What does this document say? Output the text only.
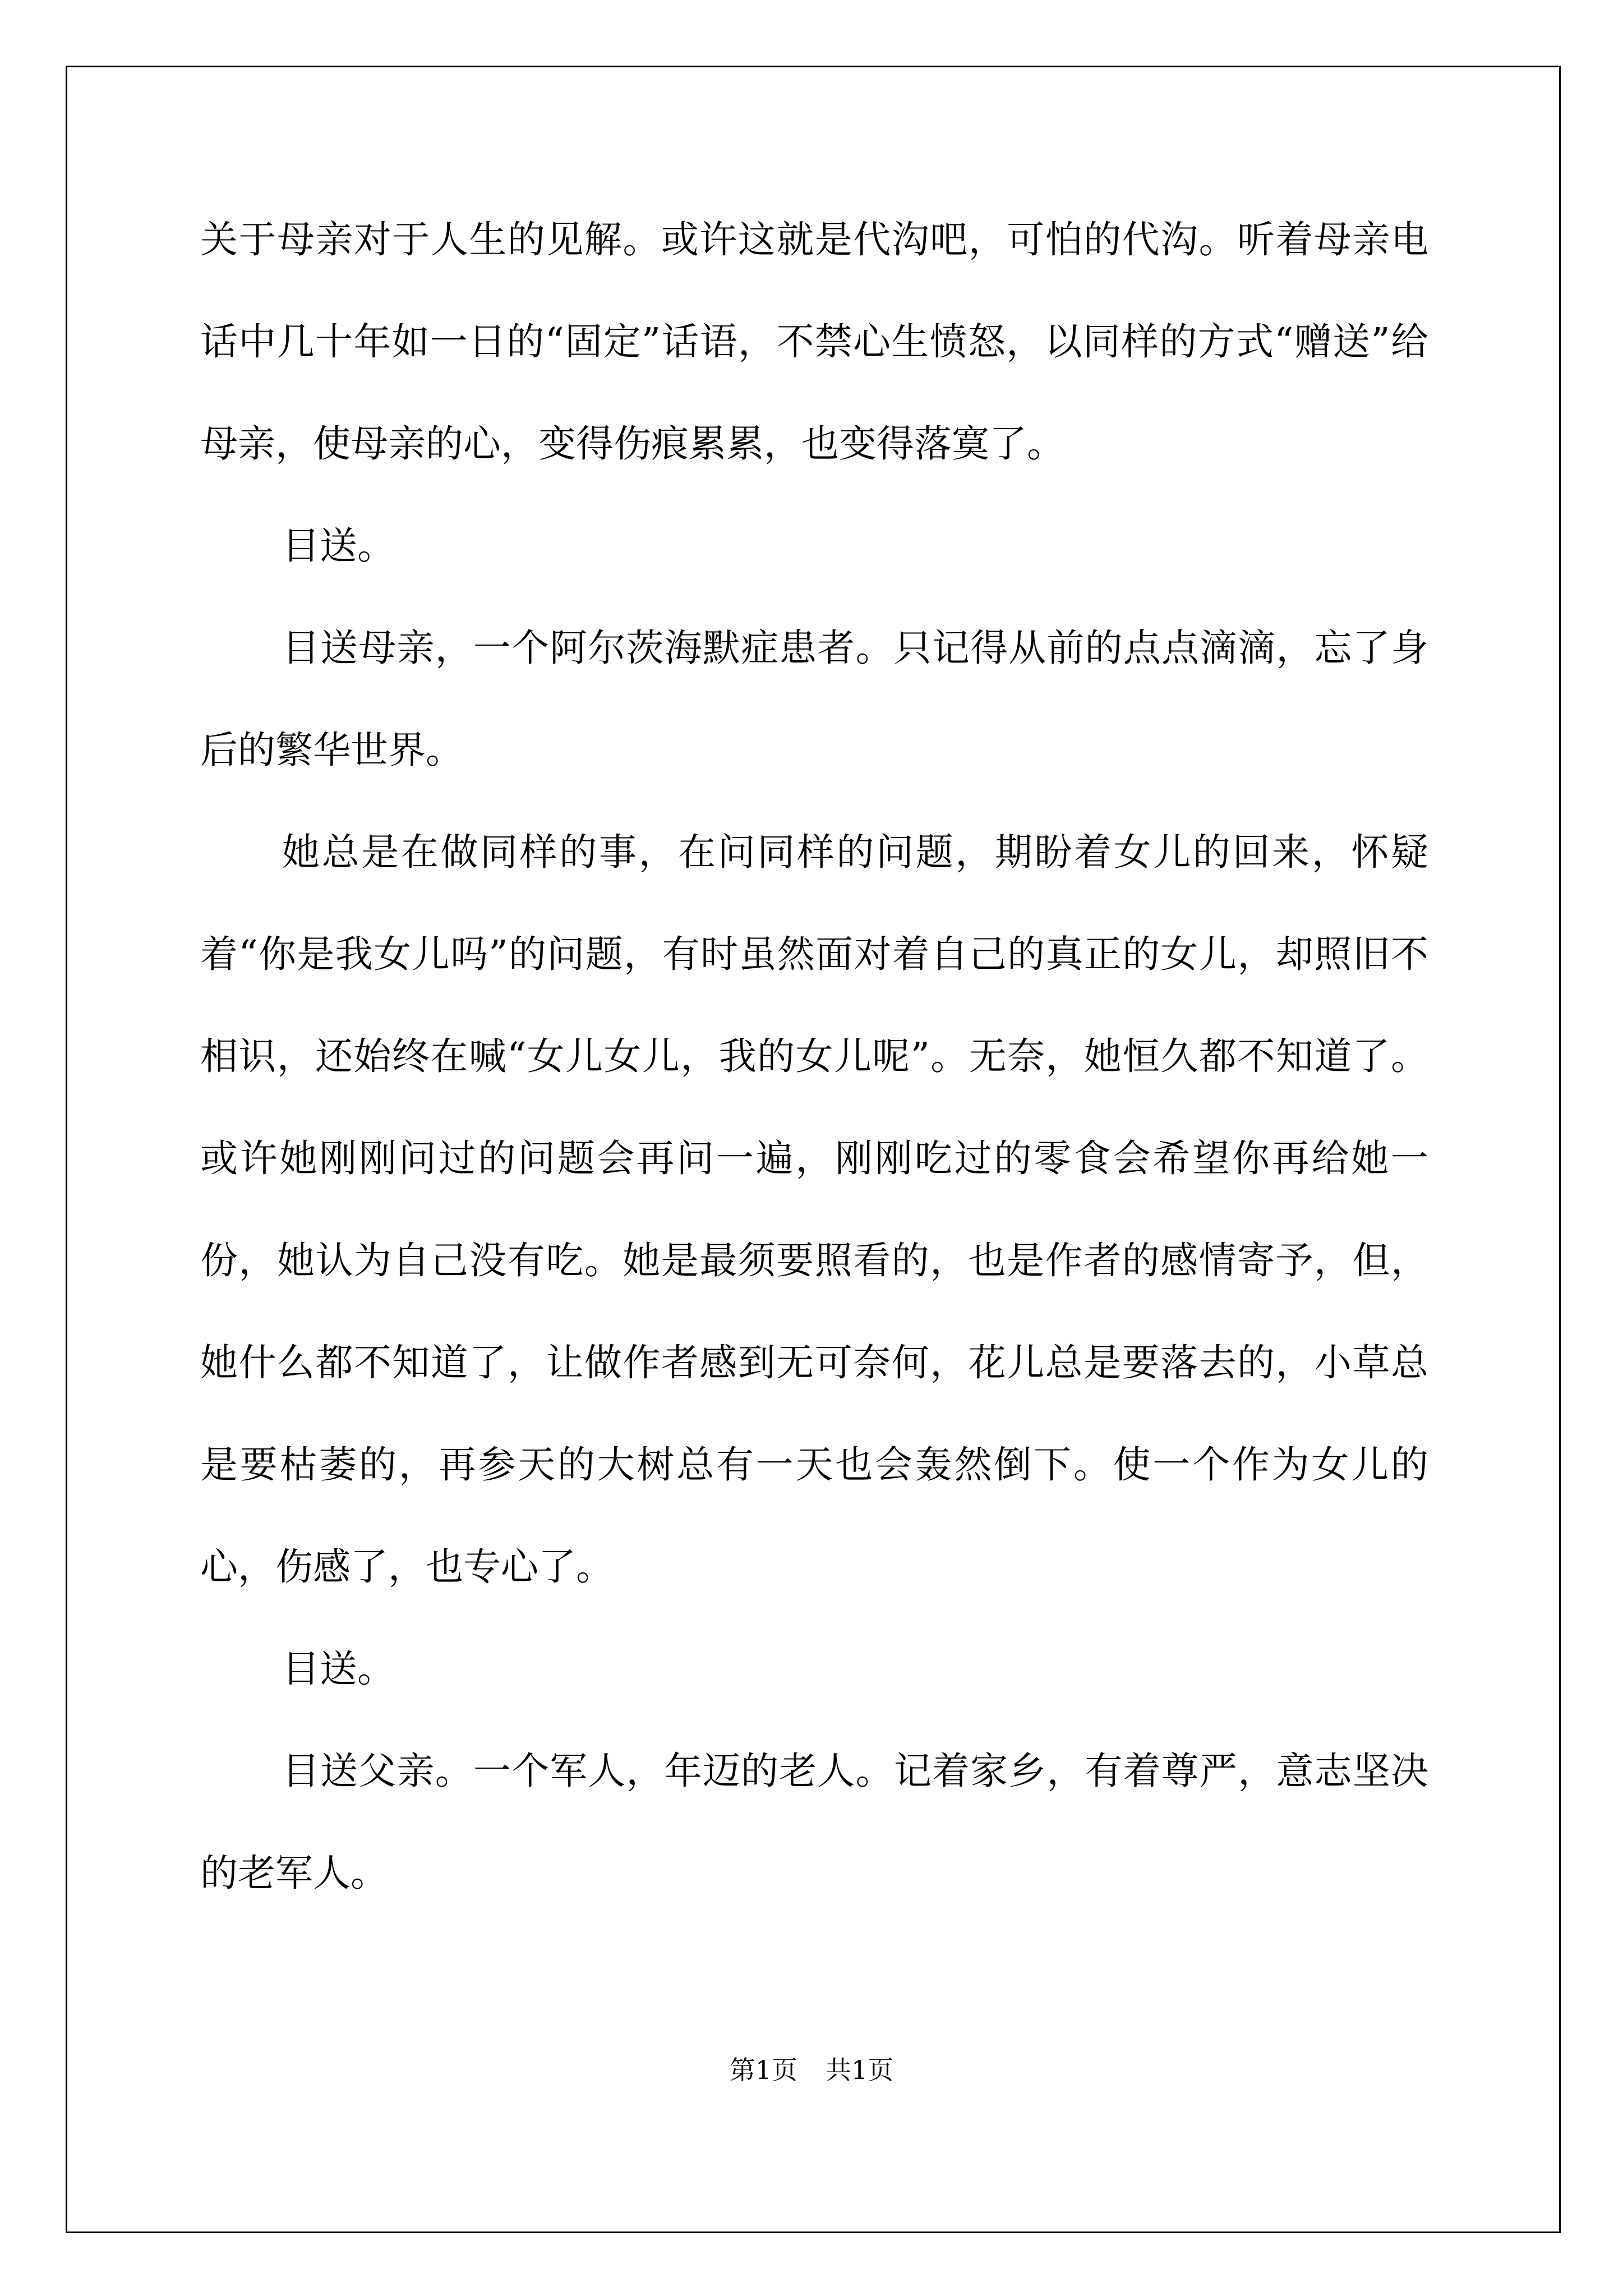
关于母亲对于人生的见解。或许这就是代沟吧，可怕的代沟。听着母亲电话中几十年如一日的“固定”话语，不禁心生愤怒，以同样的方式“赠送”给母亲，使母亲的心，变得伤痕累累，也变得落寞了。

目送。

目送母亲，一个阿尔茨海默症患者。只记得从前的点点滴滴，忘了身后的繁华世界。

她总是在做同样的事，在问同样的问题，期盼着女儿的回来，怀疑着“你是我女儿吗”的问题，有时虽然面对着自己的真正的女儿，却照旧不相识，还始终在喊“女儿女儿，我的女儿呢”。无奈，她恒久都不知道了。或许她刚刚问过的问题会再问一遍，刚刚吃过的零食会希望你再给她一份，她认为自己没有吃。她是最须要照看的，也是作者的感情寄予，但，她什么都不知道了，让做作者感到无可奈何，花儿总是要落去的，小草总是要枯萎的，再参天的大树总有一天也会轰然倒下。使一个作为女儿的心，伤感了，也专心了。

目送。

目送父亲。一个军人，年迈的老人。记着家乡，有着尊严，意志坚决的老军人。

第1页 共1页
